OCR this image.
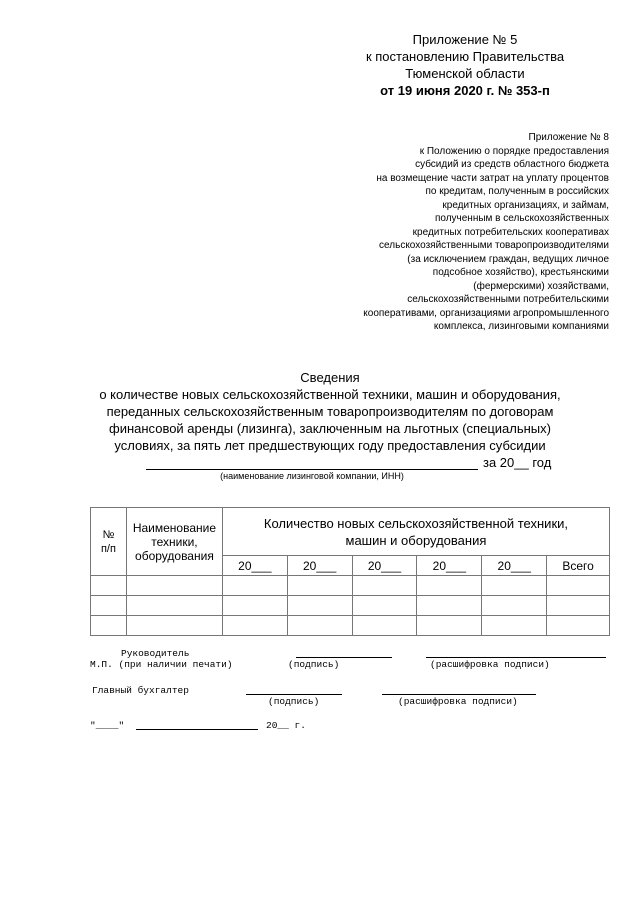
Приложение № 5
к постановлению Правительства
Тюменской области
от 19 июня 2020 г. № 353-п
Приложение № 8
к Положению о порядке предоставления
субсидий из средств областного бюджета
на возмещение части затрат на уплату процентов
по кредитам, полученным в российских
кредитных организациях, и займам,
полученным в сельскохозяйственных
кредитных потребительских кооперативах
сельскохозяйственными товаропроизводителями
(за исключением граждан, ведущих личное
подсобное хозяйство), крестьянскими
(фермерскими) хозяйствами,
сельскохозяйственными потребительскими
кооперативами, организациями агропромышленного
комплекса, лизинговыми компаниями
Сведения
о количестве новых сельскохозяйственной техники, машин и оборудования,
переданных сельскохозяйственным товаропроизводителям по договорам
финансовой аренды (лизинга), заключенным на льготных (специальных)
условиях, за пять лет предшествующих году предоставления субсидии
за 20__ год
(наименование лизинговой компании, ИНН)
№ п/п	Наименование техники, оборудования	Количество новых сельскохозяйственной техники, машин и оборудования					
		20___	20___	20___	20___	20___	Всего

Руководитель
М.П. (при наличии печати)	(подпись)	(расшифровка подписи)
Главный бухгалтер
(подпись)	(расшифровка подписи)
"____"	20__ г.
